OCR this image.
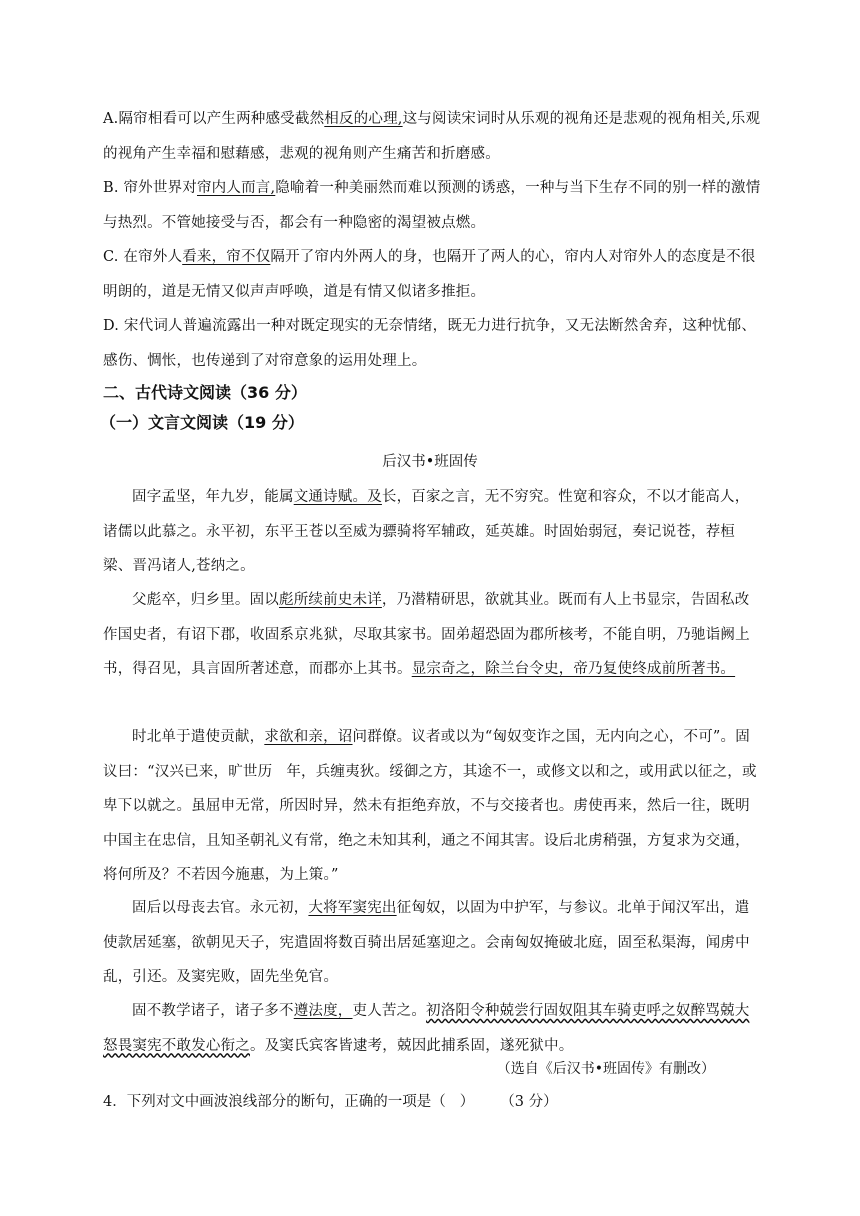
A.隔帘相看可以产生两种感受截然相反的心理,这与阅读宋词时从乐观的视角还是悲观的视角相关,乐观的视角产生幸福和慰藉感，悲观的视角则产生痛苦和折磨感。

B. 帘外世界对帘内人而言,隐喻着一种美丽然而难以预测的诱惑，一种与当下生存不同的别一样的激情与热烈。不管她接受与否，都会有一种隐密的渴望被点燃。

C. 在帘外人看来，帘不仅隔开了帘内外两人的身，也隔开了两人的心，帘内人对帘外人的态度是不很明朗的，道是无情又似声声呼唤，道是有情又似诸多推拒。

D. 宋代词人普遍流露出一种对既定现实的无奈情绪，既无力进行抗争，又无法断然舍弃，这种忧郁、感伤、惆怅，也传递到了对帘意象的运用处理上。

二、古代诗文阅读（36 分）

（一）文言文阅读（19 分）

后汉书•班固传

固字孟坚，年九岁，能属文通诗赋。及长，百家之言，无不穷究。性宽和容众，不以才能高人，诸儒以此慕之。永平初，东平王苍以至威为骠骑将军辅政，延英雄。时固始弱冠，奏记说苍，荐桓梁、晋冯诸人,苍纳之。

父彪卒，归乡里。固以彪所续前史未详，乃潜精研思，欲就其业。既而有人上书显宗，告固私改作国史者，有诏下郡，收固系京兆狱，尽取其家书。固弟超恐固为郡所核考，不能自明，乃驰诣阙上书，得召见，具言固所著述意，而郡亦上其书。显宗奇之，除兰台令史，帝乃复使终成前所著书。

时北单于遣使贡献，求欲和亲，诏问群僚。议者或以为“匈奴变诈之国，无内向之心，不可”。固议曰：“汉兴已来，旷世历 年，兵缠夷狄。绥御之方，其途不一，或修文以和之，或用武以征之，或卑下以就之。虽屈申无常，所因时异，然未有拒绝弃放，不与交接者也。虏使再来，然后一往，既明中国主在忠信，且知圣朝礼义有常，绝之未知其利，通之不闻其害。设后北虏稍强，方复求为交通，将何所及？不若因今施惠，为上策。”

固后以母丧去官。永元初，大将军窦宪出征匈奴，以固为中护军，与参议。北单于闻汉军出，遣使款居延塞，欲朝见天子，宪遣固将数百骑出居延塞迎之。会南匈奴掩破北庭，固至私渠海，闻虏中乱，引还。及窦宪败，固先坐免官。

固不教学诸子，诸子多不遵法度，吏人苦之。初洛阳令种兢尝行固奴阻其车骑吏呼之奴醉骂兢大怒畏窦宪不敢发心衔之。及窦氏宾客皆逮考，兢因此捕系固，遂死狱中。

（选自《后汉书•班固传》有删改）

4．下列对文中画波浪线部分的断句，正确的一项是（ ） （3 分）
